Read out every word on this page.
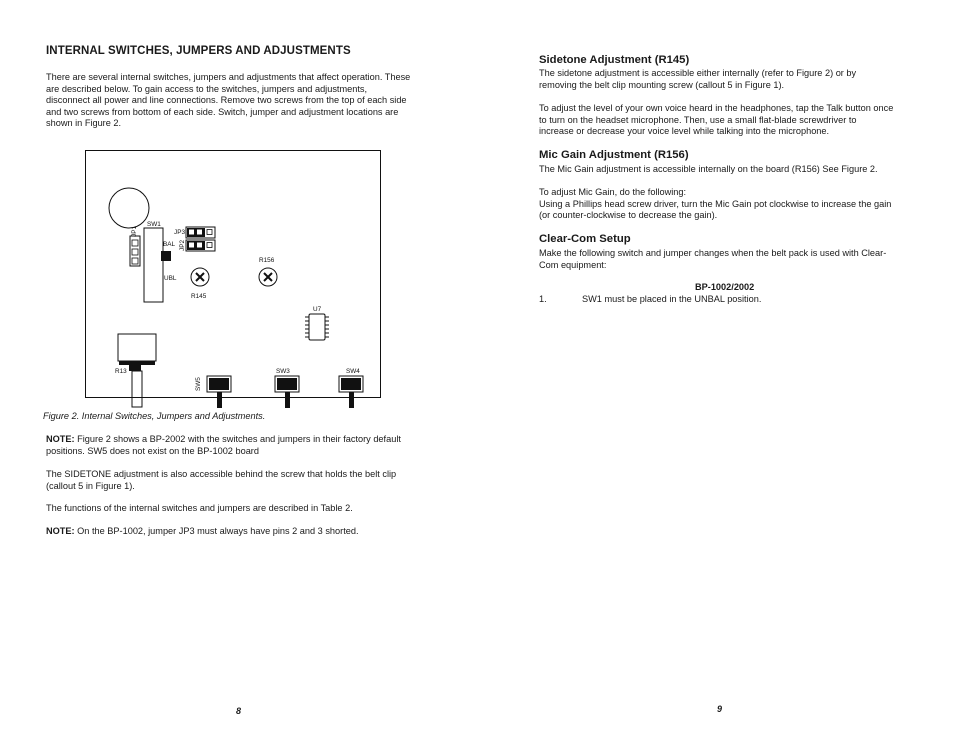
INTERNAL SWITCHES, JUMPERS AND ADJUSTMENTS
There are several internal switches, jumpers and adjustments that affect operation. These
are described below. To gain access to the switches, jumpers and adjustments,
disconnect all power and line connections. Remove two screws from the top of each side
and two screws from bottom of each side. Switch, jumper and adjustment locations are
shown in Figure 2.
SW1
JP1	JP3
JP2
BAL
UBL
R145
R156
U7
R13
SW5
SW3	SW4

Figure 2. Internal Switches, Jumpers and Adjustments.

NOTE: Figure 2 shows a BP-2002 with the switches and jumpers in their factory default
positions. SW5 does not exist on the BP-1002 board
The SIDETONE adjustment is also accessible behind the screw that holds the belt clip
(callout 5 in Figure 1).
The functions of the internal switches and jumpers are described in Table 2.
NOTE: On the BP-1002, jumper JP3 must always have pins 2 and 3 shorted.
8
Sidetone Adjustment (R145)
The sidetone adjustment is accessible either internally (refer to Figure 2) or by
removing the belt clip mounting screw (callout 5 in Figure 1).
To adjust the level of your own voice heard in the headphones, tap the Talk button once
to turn on the headset microphone. Then, use a small flat-blade screwdriver to
increase or decrease your voice level while talking into the microphone.
Mic Gain Adjustment (R156)
The Mic Gain adjustment is accessible internally on the board (R156) See Figure 2.
To adjust Mic Gain, do the following:
Using a Phillips head screw driver, turn the Mic Gain pot clockwise to increase the gain
(or counter-clockwise to decrease the gain).
Clear-Com Setup
Make the following switch and jumper changes when the belt pack is used with Clear-
Com equipment:
BP-1002/2002
1.	SW1 must be placed in the UNBAL position.
9
